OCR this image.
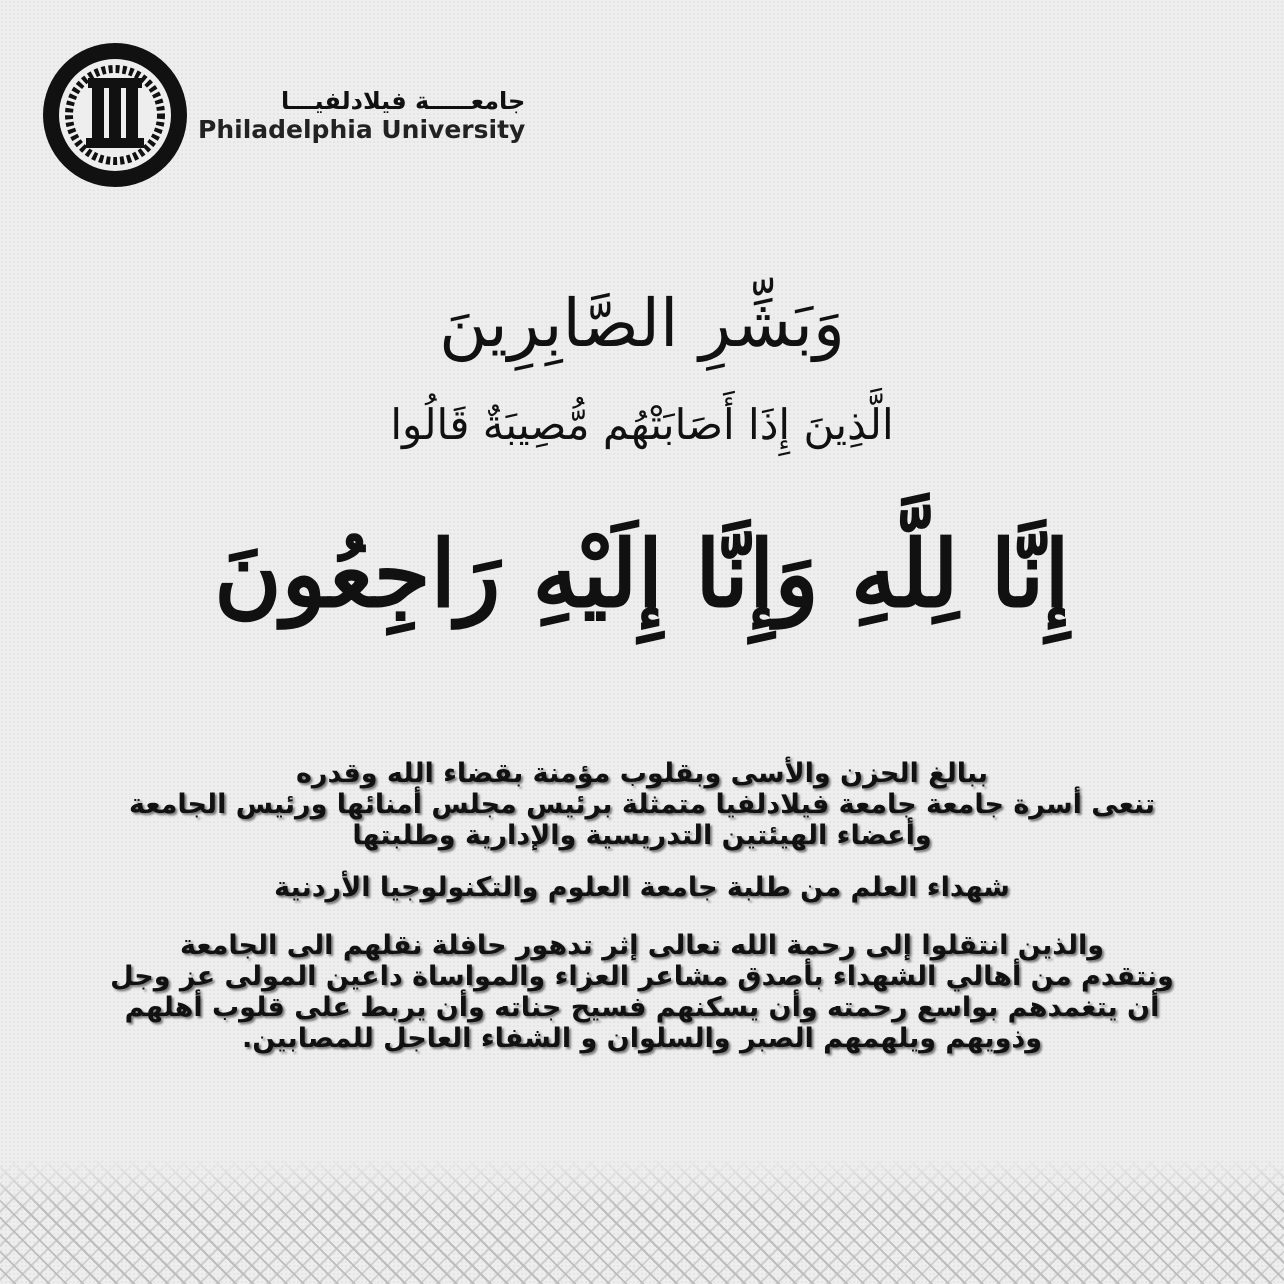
جامعـــــة فيلادلفيـــا
Philadelphia University
وَبَشِّرِ الصَّابِرِينَ
الَّذِينَ إِذَا أَصَابَتْهُم مُّصِيبَةٌ قَالُوا
إِنَّا لِلَّهِ وَإِنَّا إِلَيْهِ رَاجِعُونَ
ببالغ الحزن والأسى وبقلوب مؤمنة بقضاء الله وقدره
تنعى أسرة جامعة جامعة فيلادلفيا متمثلة برئيس مجلس أمنائها ورئيس الجامعة
وأعضاء الهيئتين التدريسية والإدارية وطلبتها
شهداء العلم من طلبة جامعة العلوم والتكنولوجيا الأردنية
والذين انتقلوا إلى رحمة الله تعالى إثر تدهور حافلة نقلهم الى الجامعة
ونتقدم من أهالي الشهداء بأصدق مشاعر العزاء والمواساة داعين المولى عز وجل
أن يتغمدهم بواسع رحمته وأن يسكنهم فسيح جناته وأن يربط على قلوب أهلهم
وذويهم ويلهمهم الصبر والسلوان و الشفاء العاجل للمصابين.
